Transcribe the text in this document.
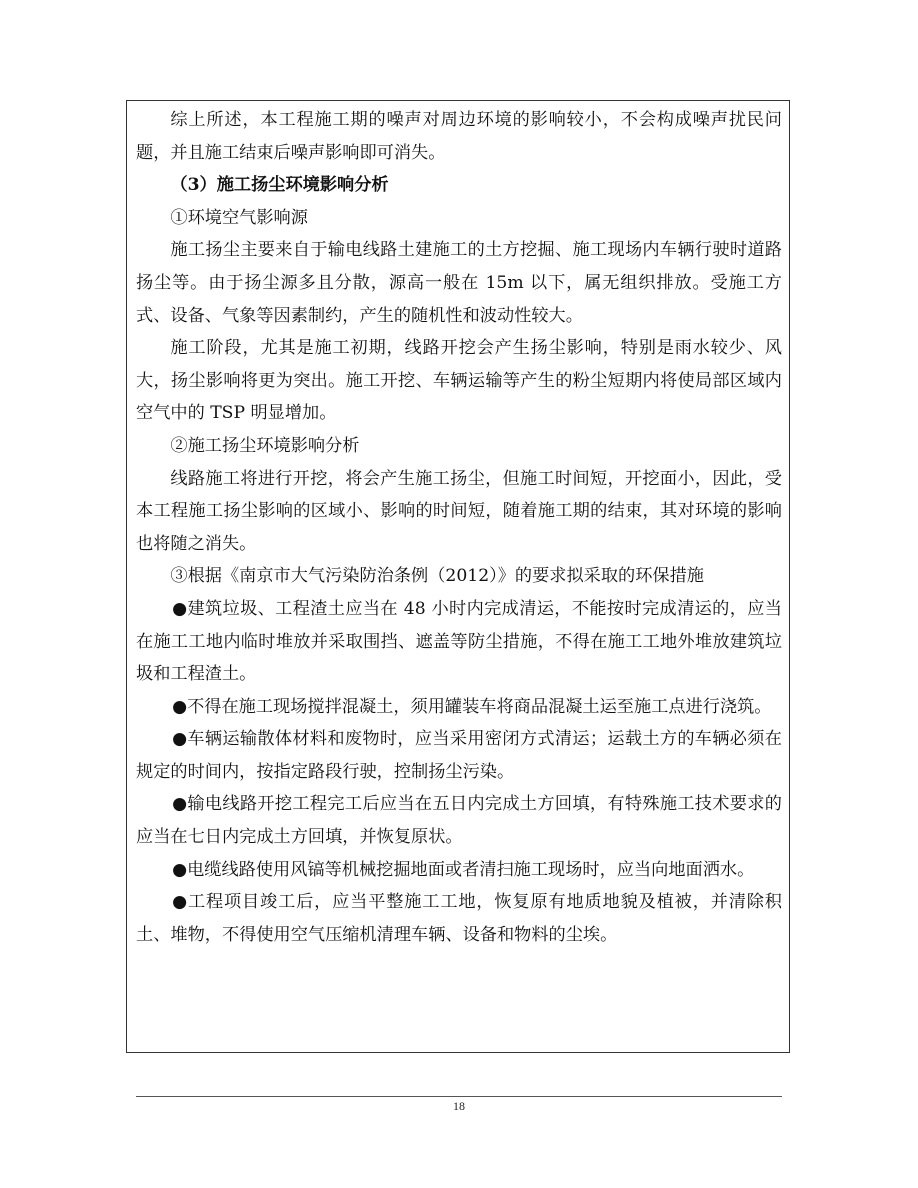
综上所述，本工程施工期的噪声对周边环境的影响较小，不会构成噪声扰民问题，并且施工结束后噪声影响即可消失。

（3）施工扬尘环境影响分析

①环境空气影响源

施工扬尘主要来自于输电线路土建施工的土方挖掘、施工现场内车辆行驶时道路扬尘等。由于扬尘源多且分散，源高一般在 15m 以下，属无组织排放。受施工方式、设备、气象等因素制约，产生的随机性和波动性较大。

施工阶段，尤其是施工初期，线路开挖会产生扬尘影响，特别是雨水较少、风大，扬尘影响将更为突出。施工开挖、车辆运输等产生的粉尘短期内将使局部区域内空气中的 TSP 明显增加。

②施工扬尘环境影响分析

线路施工将进行开挖，将会产生施工扬尘，但施工时间短，开挖面小，因此，受本工程施工扬尘影响的区域小、影响的时间短，随着施工期的结束，其对环境的影响也将随之消失。

③根据《南京市大气污染防治条例（2012）》的要求拟采取的环保措施

●建筑垃圾、工程渣土应当在 48 小时内完成清运，不能按时完成清运的，应当在施工工地内临时堆放并采取围挡、遮盖等防尘措施，不得在施工工地外堆放建筑垃圾和工程渣土。

●不得在施工现场搅拌混凝土，须用罐装车将商品混凝土运至施工点进行浇筑。

●车辆运输散体材料和废物时，应当采用密闭方式清运；运载土方的车辆必须在规定的时间内，按指定路段行驶，控制扬尘污染。

●输电线路开挖工程完工后应当在五日内完成土方回填，有特殊施工技术要求的应当在七日内完成土方回填，并恢复原状。

●电缆线路使用风镐等机械挖掘地面或者清扫施工现场时，应当向地面洒水。

●工程项目竣工后，应当平整施工工地，恢复原有地质地貌及植被，并清除积土、堆物，不得使用空气压缩机清理车辆、设备和物料的尘埃。

18
